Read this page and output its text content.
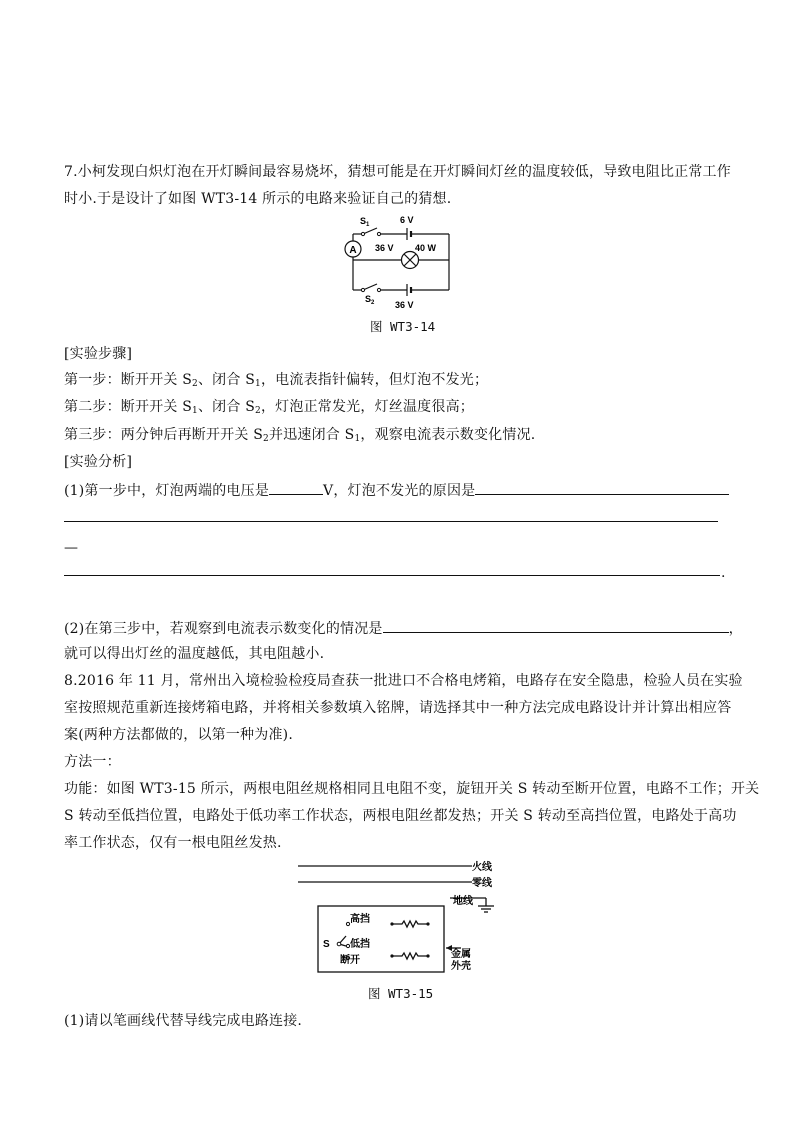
7.小柯发现白炽灯泡在开灯瞬间最容易烧坏，猜想可能是在开灯瞬间灯丝的温度较低，导致电阻比正常工作
时小.于是设计了如图 WT3-14 所示的电路来验证自己的猜想.
A
$S_1$	6 V
36 V 40 W
$S_2$ 36 V
图 WT3-14
[实验步骤]
第一步：断开开关 $S_2$、闭合 $S_1$，电流表指针偏转，但灯泡不发光；
第二步：断开开关 $S_1$、闭合 $S_2$，灯泡正常发光，灯丝温度很高；
第三步：两分钟后再断开开关 $S_2$并迅速闭合 $S_1$，观察电流表示数变化情况.
[实验分析]
(1)第一步中，灯泡两端的电压是	V，灯泡不发光的原因是
—
.
(2)在第三步中，若观察到电流表示数变化的情况是	，
就可以得出灯丝的温度越低，其电阻越小.
8.2016 年 11 月，常州出入境检验检疫局查获一批进口不合格电烤箱，电路存在安全隐患，检验人员在实验
室按照规范重新连接烤箱电路，并将相关参数填入铭牌，请选择其中一种方法完成电路设计并计算出相应答
案(两种方法都做的，以第一种为准).
方法一：
功能：如图 WT3-15 所示，两根电阻丝规格相同且电阻不变，旋钮开关 S 转动至断开位置，电路不工作；开关
S 转动至低挡位置，电路处于低功率工作状态，两根电阻丝都发热；开关 S 转动至高挡位置，电路处于高功
率工作状态，仅有一根电阻丝发热.
火线
零线
地线
高挡
低挡
断开
S
金属
外壳
图 WT3-15
(1)请以笔画线代替导线完成电路连接.
